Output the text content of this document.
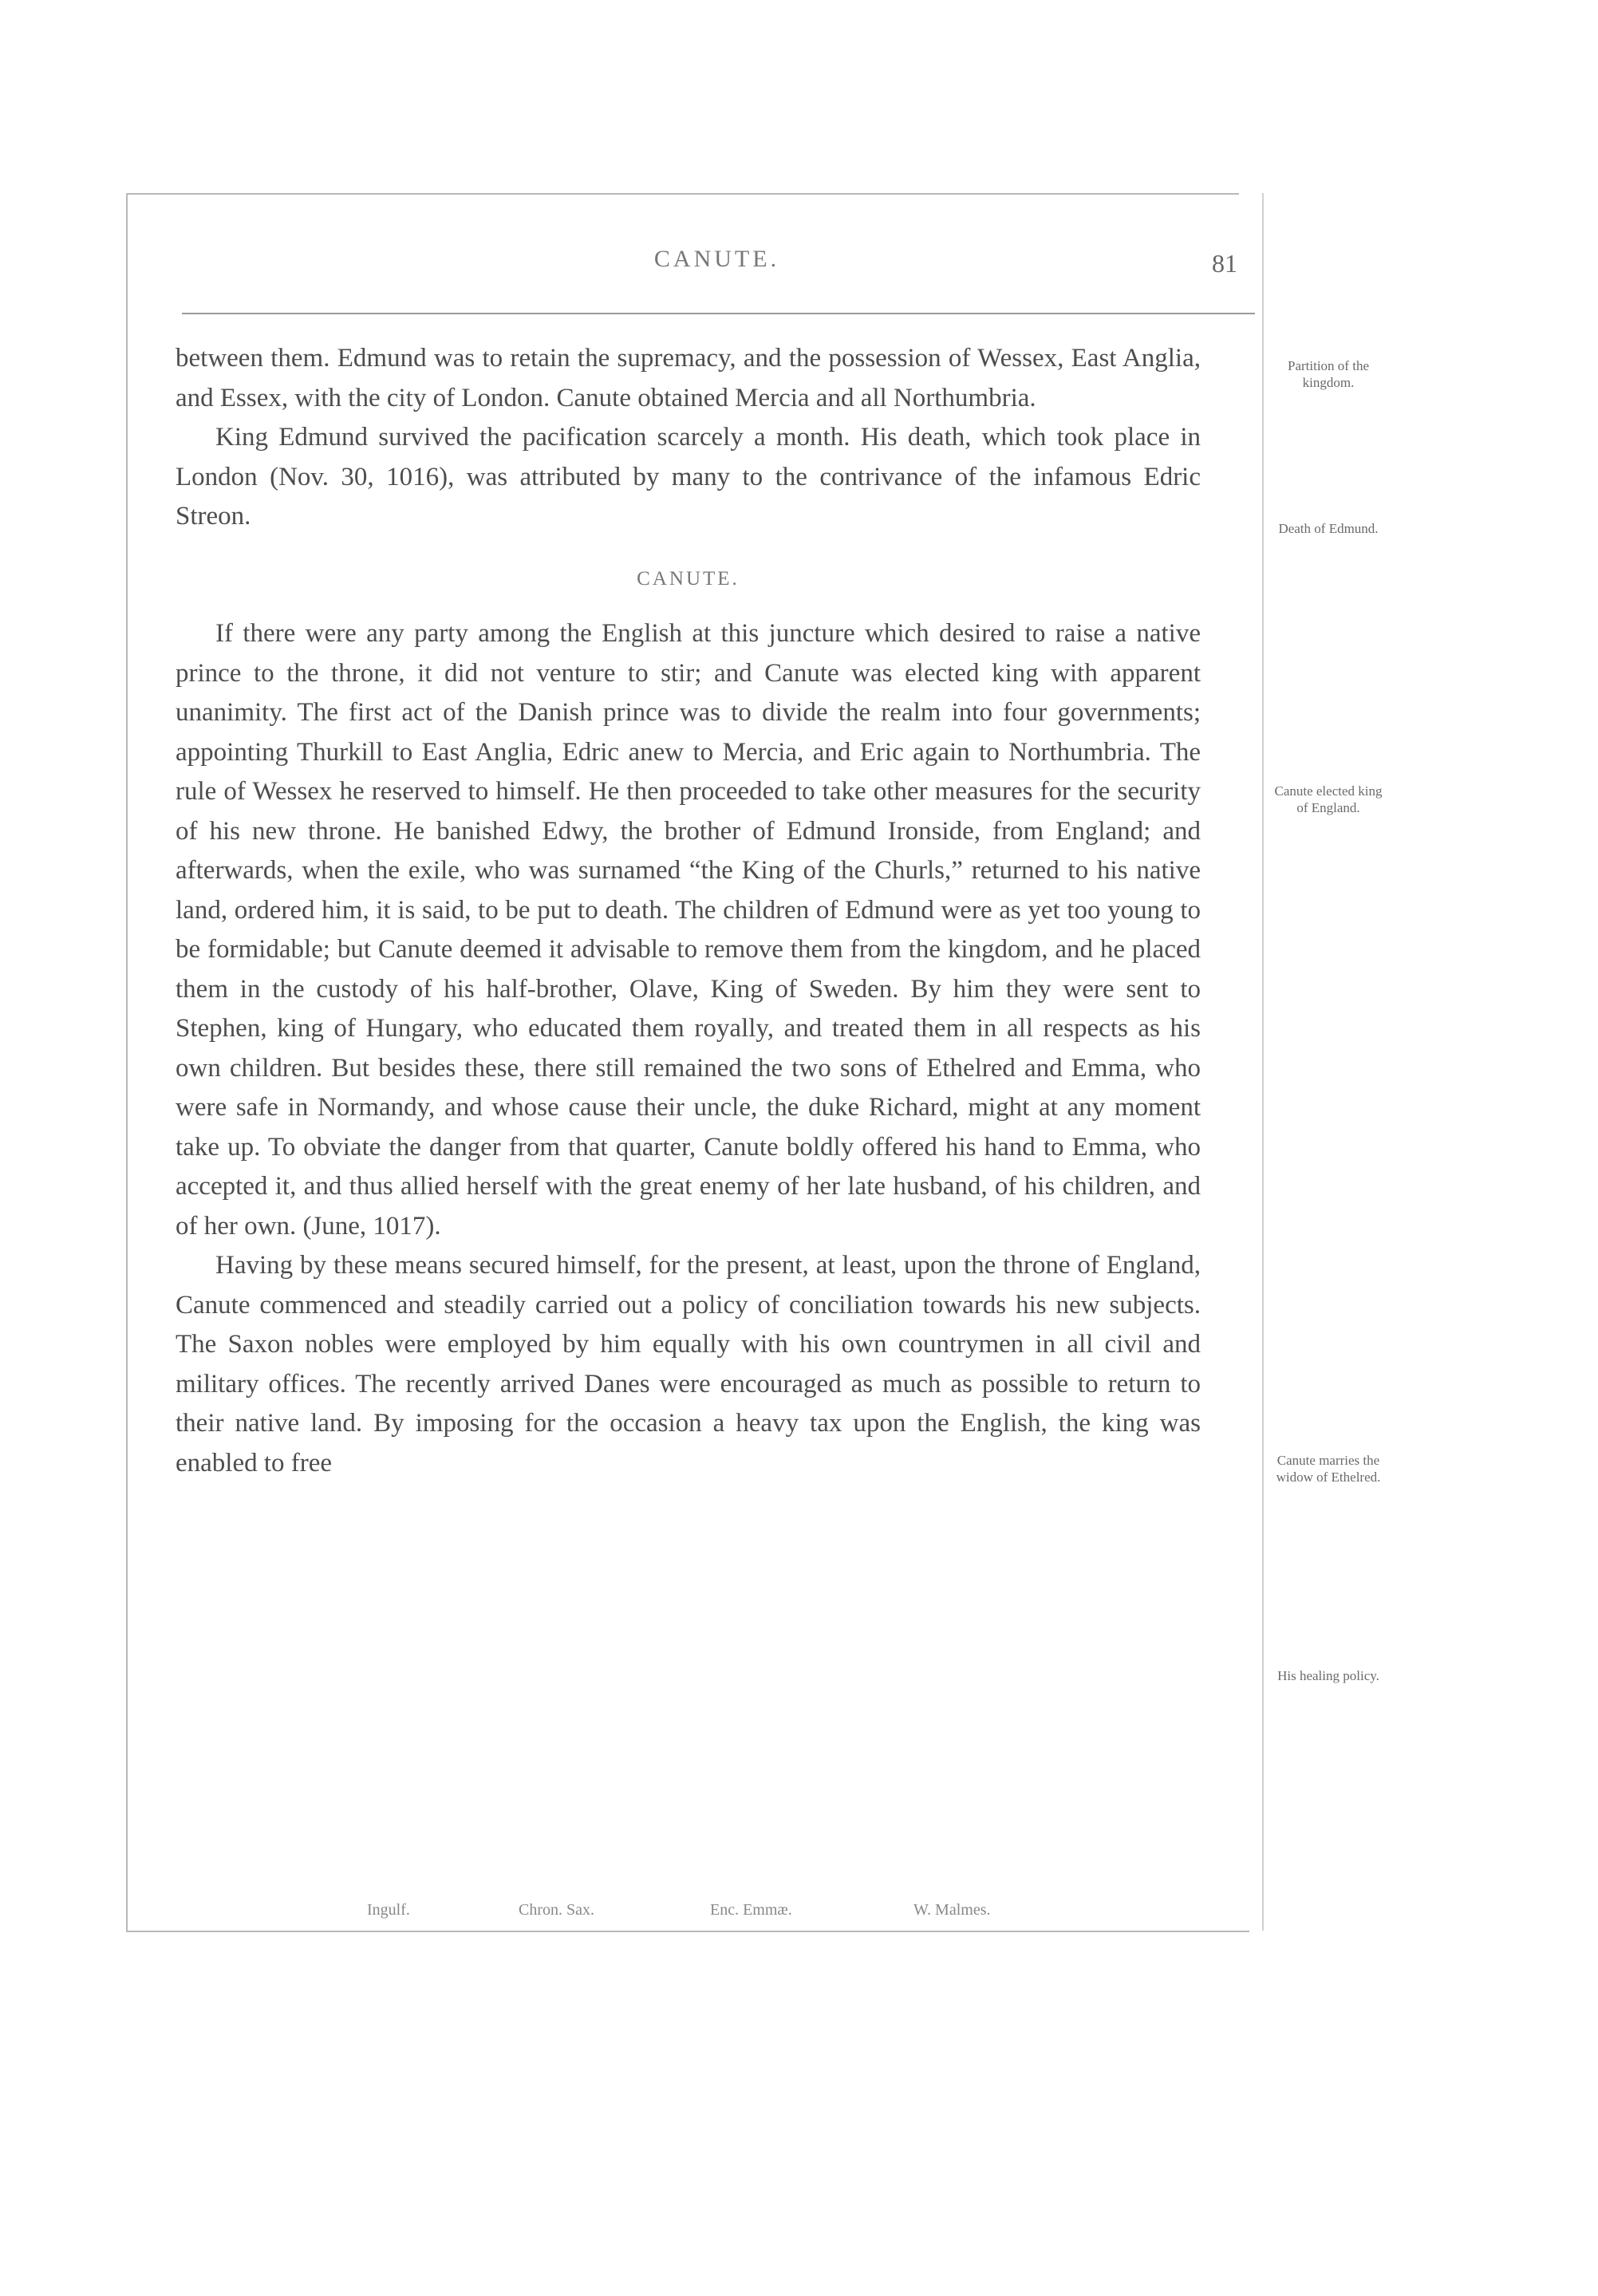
CANUTE.	81

between them. Edmund was to retain the supremacy, and the possession of Wessex, East Anglia, and Essex, with the city of London. Canute obtained Mercia and all Northumbria.

King Edmund survived the pacification scarcely a month. His death, which took place in London (Nov. 30, 1016), was attributed by many to the contrivance of the infamous Edric Streon.

CANUTE.

If there were any party among the English at this juncture which desired to raise a native prince to the throne, it did not venture to stir; and Canute was elected king with apparent unanimity. The first act of the Danish prince was to divide the realm into four governments; appointing Thurkill to East Anglia, Edric anew to Mercia, and Eric again to Northumbria. The rule of Wessex he reserved to himself. He then proceeded to take other measures for the security of his new throne. He banished Edwy, the brother of Edmund Ironside, from England; and afterwards, when the exile, who was surnamed “the King of the Churls,” returned to his native land, ordered him, it is said, to be put to death. The children of Edmund were as yet too young to be formidable; but Canute deemed it advisable to remove them from the kingdom, and he placed them in the custody of his half-brother, Olave, King of Sweden. By him they were sent to Stephen, king of Hungary, who educated them royally, and treated them in all respects as his own children. But besides these, there still remained the two sons of Ethelred and Emma, who were safe in Normandy, and whose cause their uncle, the duke Richard, might at any moment take up. To obviate the danger from that quarter, Canute boldly offered his hand to Emma, who accepted it, and thus allied herself with the great enemy of her late husband, of his children, and of her own. (June, 1017).

Having by these means secured himself, for the present, at least, upon the throne of England, Canute commenced and steadily carried out a policy of conciliation towards his new subjects. The Saxon nobles were employed by him equally with his own countrymen in all civil and military offices. The recently arrived Danes were encouraged as much as possible to return to their native land. By imposing for the occasion a heavy tax upon the English, the king was enabled to free

Partition of the kingdom.
Death of Edmund.
Canute elected king of England.
Canute marries the widow of Ethelred.
His healing policy.
Ingulf.	Chron. Sax.	Enc. Emmæ.	W. Malmes.
